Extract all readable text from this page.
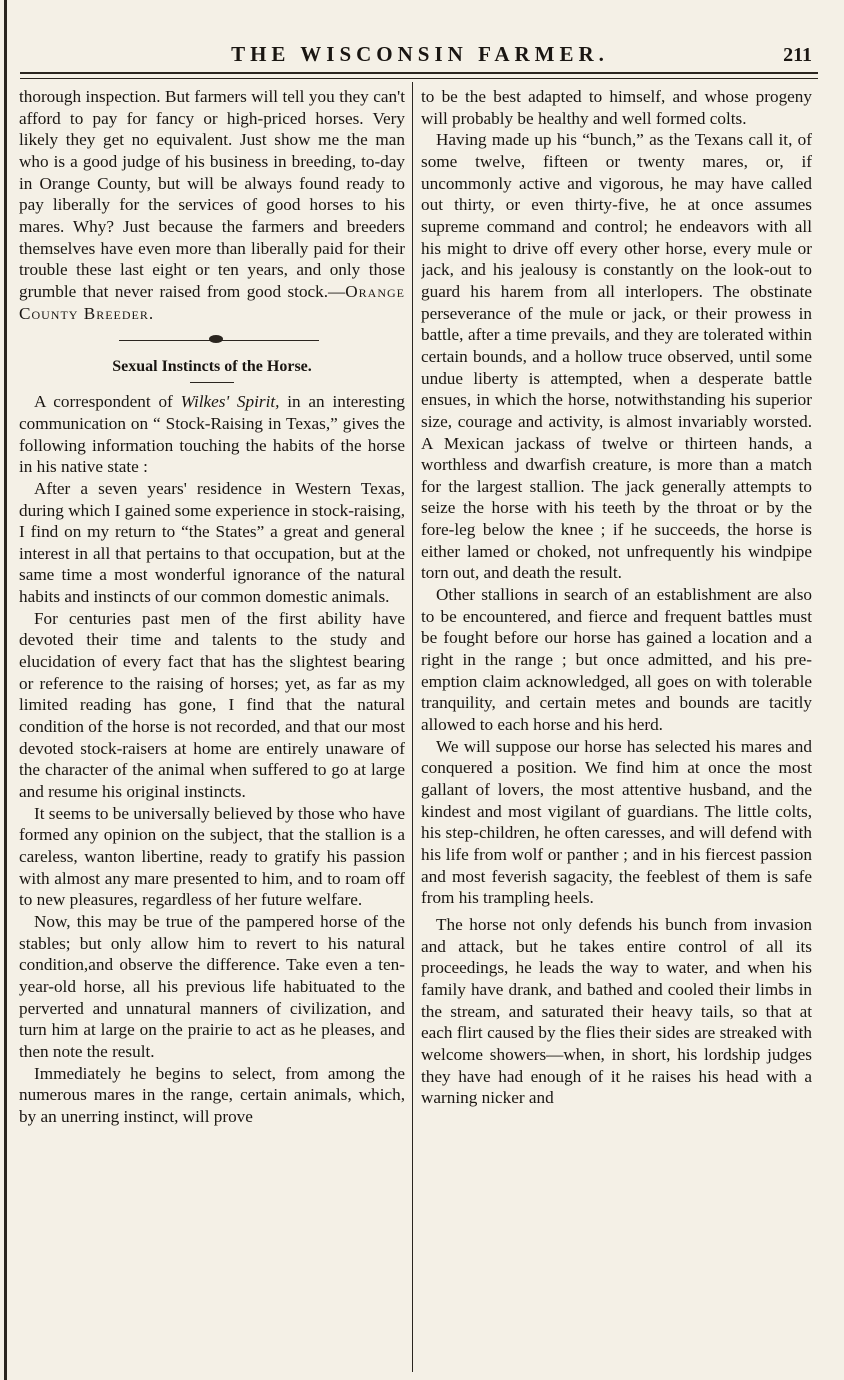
THE WISCONSIN FARMER.	211

thorough inspection. But farmers will tell you they can't afford to pay for fancy or high-priced horses. Very likely they get no equivalent. Just show me the man who is a good judge of his business in breeding, to-day in Orange County, but will be always found ready to pay liberally for the services of good horses to his mares. Why? Just because the farmers and breeders themselves have even more than liberally paid for their trouble these last eight or ten years, and only those grumble that never raised from good stock.—Orange County Breeder.

Sexual Instincts of the Horse.

A correspondent of Wilkes' Spirit, in an interesting communication on “ Stock-Raising in Texas,” gives the following information touching the habits of the horse in his native state :

After a seven years' residence in Western Texas, during which I gained some experience in stock-raising, I find on my return to “the States” a great and general interest in all that pertains to that occupation, but at the same time a most wonderful ignorance of the natural habits and instincts of our common domestic animals.

For centuries past men of the first ability have devoted their time and talents to the study and elucidation of every fact that has the slightest bearing or reference to the raising of horses; yet, as far as my limited reading has gone, I find that the natural condition of the horse is not recorded, and that our most devoted stock-raisers at home are entirely unaware of the character of the animal when suffered to go at large and resume his original instincts.

It seems to be universally believed by those who have formed any opinion on the subject, that the stallion is a careless, wanton libertine, ready to gratify his passion with almost any mare presented to him, and to roam off to new pleasures, regardless of her future welfare.

Now, this may be true of the pampered horse of the stables; but only allow him to revert to his natural condition,and observe the difference. Take even a ten-year-old horse, all his previous life habituated to the perverted and unnatural manners of civilization, and turn him at large on the prairie to act as he pleases, and then note the result.

Immediately he begins to select, from among the numerous mares in the range, certain animals, which, by an unerring instinct, will prove

to be the best adapted to himself, and whose progeny will probably be healthy and well formed colts.

Having made up his “bunch,” as the Texans call it, of some twelve, fifteen or twenty mares, or, if uncommonly active and vigorous, he may have called out thirty, or even thirty-five, he at once assumes supreme command and control; he endeavors with all his might to drive off every other horse, every mule or jack, and his jealousy is constantly on the look-out to guard his harem from all interlopers. The obstinate perseverance of the mule or jack, or their prowess in battle, after a time prevails, and they are tolerated within certain bounds, and a hollow truce observed, until some undue liberty is attempted, when a desperate battle ensues, in which the horse, notwithstanding his superior size, courage and activity, is almost invariably worsted. A Mexican jackass of twelve or thirteen hands, a worthless and dwarfish creature, is more than a match for the largest stallion. The jack generally attempts to seize the horse with his teeth by the throat or by the fore-leg below the knee ; if he succeeds, the horse is either lamed or choked, not unfrequently his windpipe torn out, and death the result.

Other stallions in search of an establishment are also to be encountered, and fierce and frequent battles must be fought before our horse has gained a location and a right in the range ; but once admitted, and his pre-emption claim acknowledged, all goes on with tolerable tranquility, and certain metes and bounds are tacitly allowed to each horse and his herd.

We will suppose our horse has selected his mares and conquered a position. We find him at once the most gallant of lovers, the most attentive husband, and the kindest and most vigilant of guardians. The little colts, his step-children, he often caresses, and will defend with his life from wolf or panther ; and in his fiercest passion and most feverish sagacity, the feeblest of them is safe from his trampling heels.

The horse not only defends his bunch from invasion and attack, but he takes entire control of all its proceedings, he leads the way to water, and when his family have drank, and bathed and cooled their limbs in the stream, and saturated their heavy tails, so that at each flirt caused by the flies their sides are streaked with welcome showers—when, in short, his lordship judges they have had enough of it he raises his head with a warning nicker and
